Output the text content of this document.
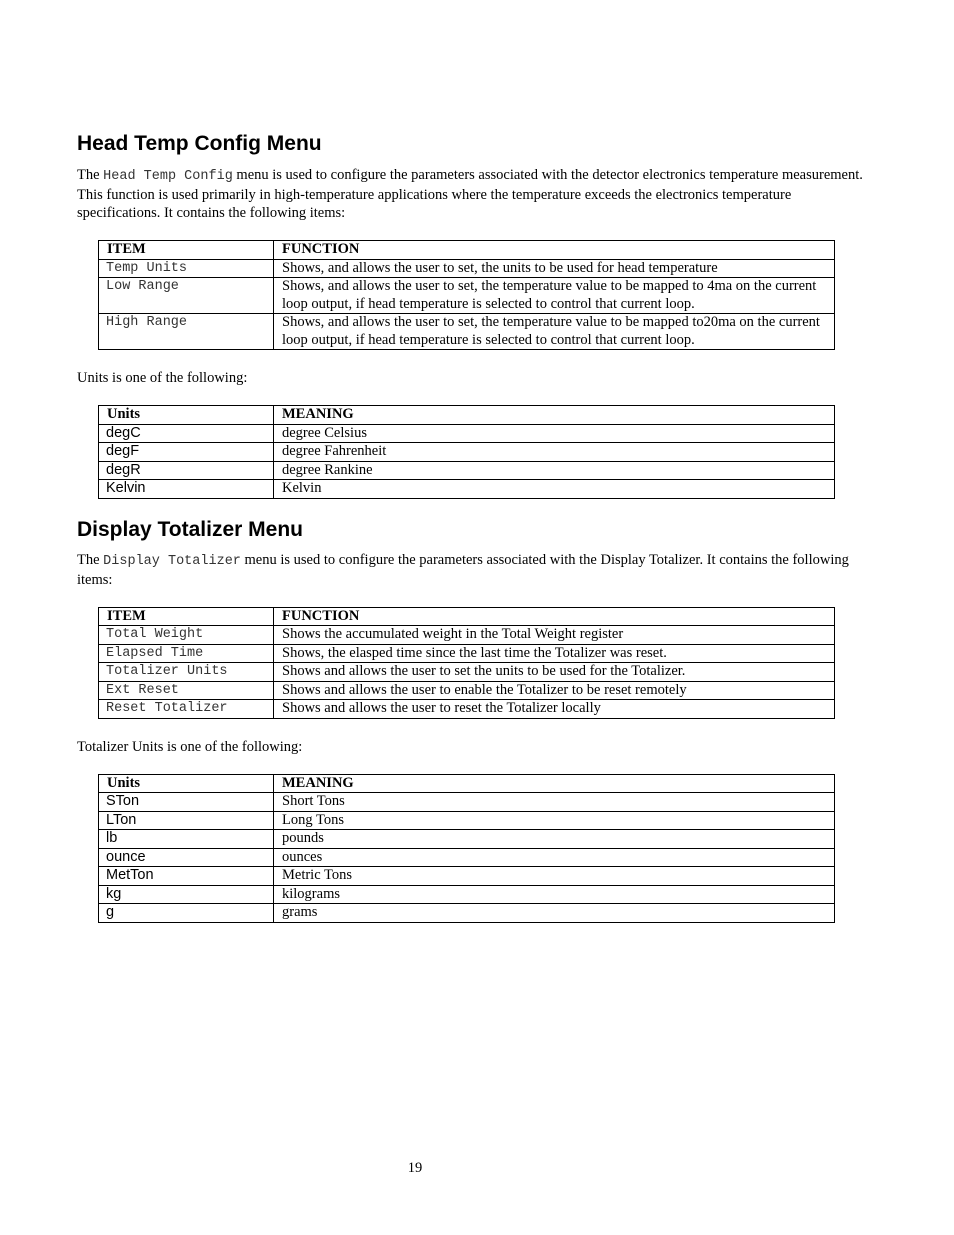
Head Temp Config Menu

The Head Temp Config menu is used to configure the parameters associated with the detector electronics temperature measurement. This function is used primarily in high-temperature applications where the temperature exceeds the electronics temperature specifications. It contains the following items:

ITEM	FUNCTION
Temp Units	Shows, and allows the user to set, the units to be used for head temperature
Low Range	Shows, and allows the user to set, the temperature value to be mapped to 4ma on the current loop output, if head temperature is selected to control that current loop.
High Range	Shows, and allows the user to set, the temperature value to be mapped to20ma on the current loop output, if head temperature is selected to control that current loop.

Units is one of the following:

Units	MEANING
degC	degree Celsius
degF	degree Fahrenheit
degR	degree Rankine
Kelvin	Kelvin
Display Totalizer Menu

The Display Totalizer menu is used to configure the parameters associated with the Display Totalizer. It contains the following items:

ITEM	FUNCTION
Total Weight	Shows the accumulated weight in the Total Weight register
Elapsed Time	Shows, the elasped time since the last time the Totalizer was reset.
Totalizer Units	Shows and allows the user to set the units to be used for the Totalizer.
Ext Reset	Shows and allows the user to enable the Totalizer to be reset remotely
Reset Totalizer	Shows and allows the user to reset the Totalizer locally

Totalizer Units is one of the following:

Units	MEANING
STon	Short Tons
LTon	Long Tons
lb	pounds
ounce	ounces
MetTon	Metric Tons
kg	kilograms
g	grams
19
